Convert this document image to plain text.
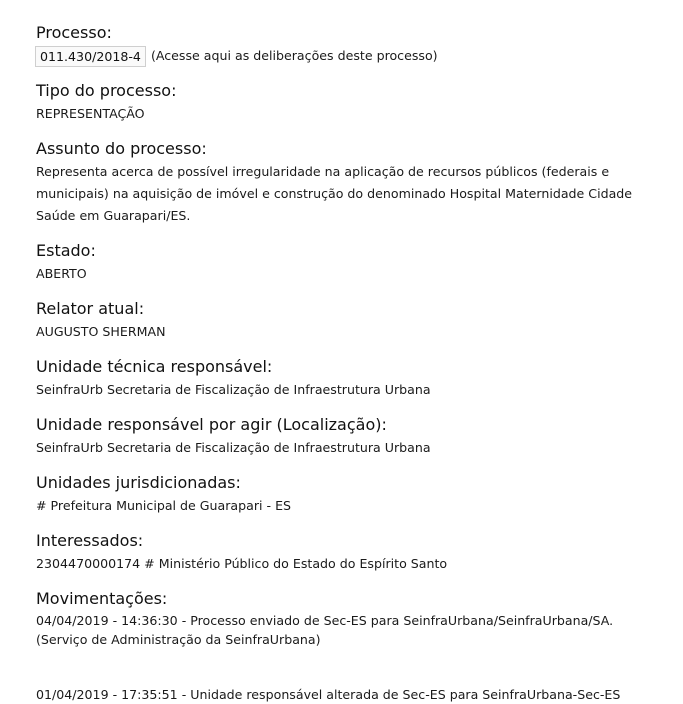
Processo:
011.430/2018-4 (Acesse aqui as deliberações deste processo)
Tipo do processo:
REPRESENTAÇÃO
Assunto do processo:
Representa acerca de possível irregularidade na aplicação de recursos públicos (federais e municipais) na aquisição de imóvel e construção do denominado Hospital Maternidade Cidade Saúde em Guarapari/ES.
Estado:
ABERTO
Relator atual:
AUGUSTO SHERMAN
Unidade técnica responsável:
SeinfraUrb Secretaria de Fiscalização de Infraestrutura Urbana
Unidade responsável por agir (Localização):
SeinfraUrb Secretaria de Fiscalização de Infraestrutura Urbana
Unidades jurisdicionadas:
# Prefeitura Municipal de Guarapari - ES
Interessados:
2304470000174 # Ministério Público do Estado do Espírito Santo
Movimentações:
04/04/2019 - 14:36:30 - Processo enviado de Sec-ES para SeinfraUrbana/SeinfraUrbana/SA. (Serviço de Administração da SeinfraUrbana)
01/04/2019 - 17:35:51 - Unidade responsável alterada de Sec-ES para SeinfraUrbana-Sec-ES
